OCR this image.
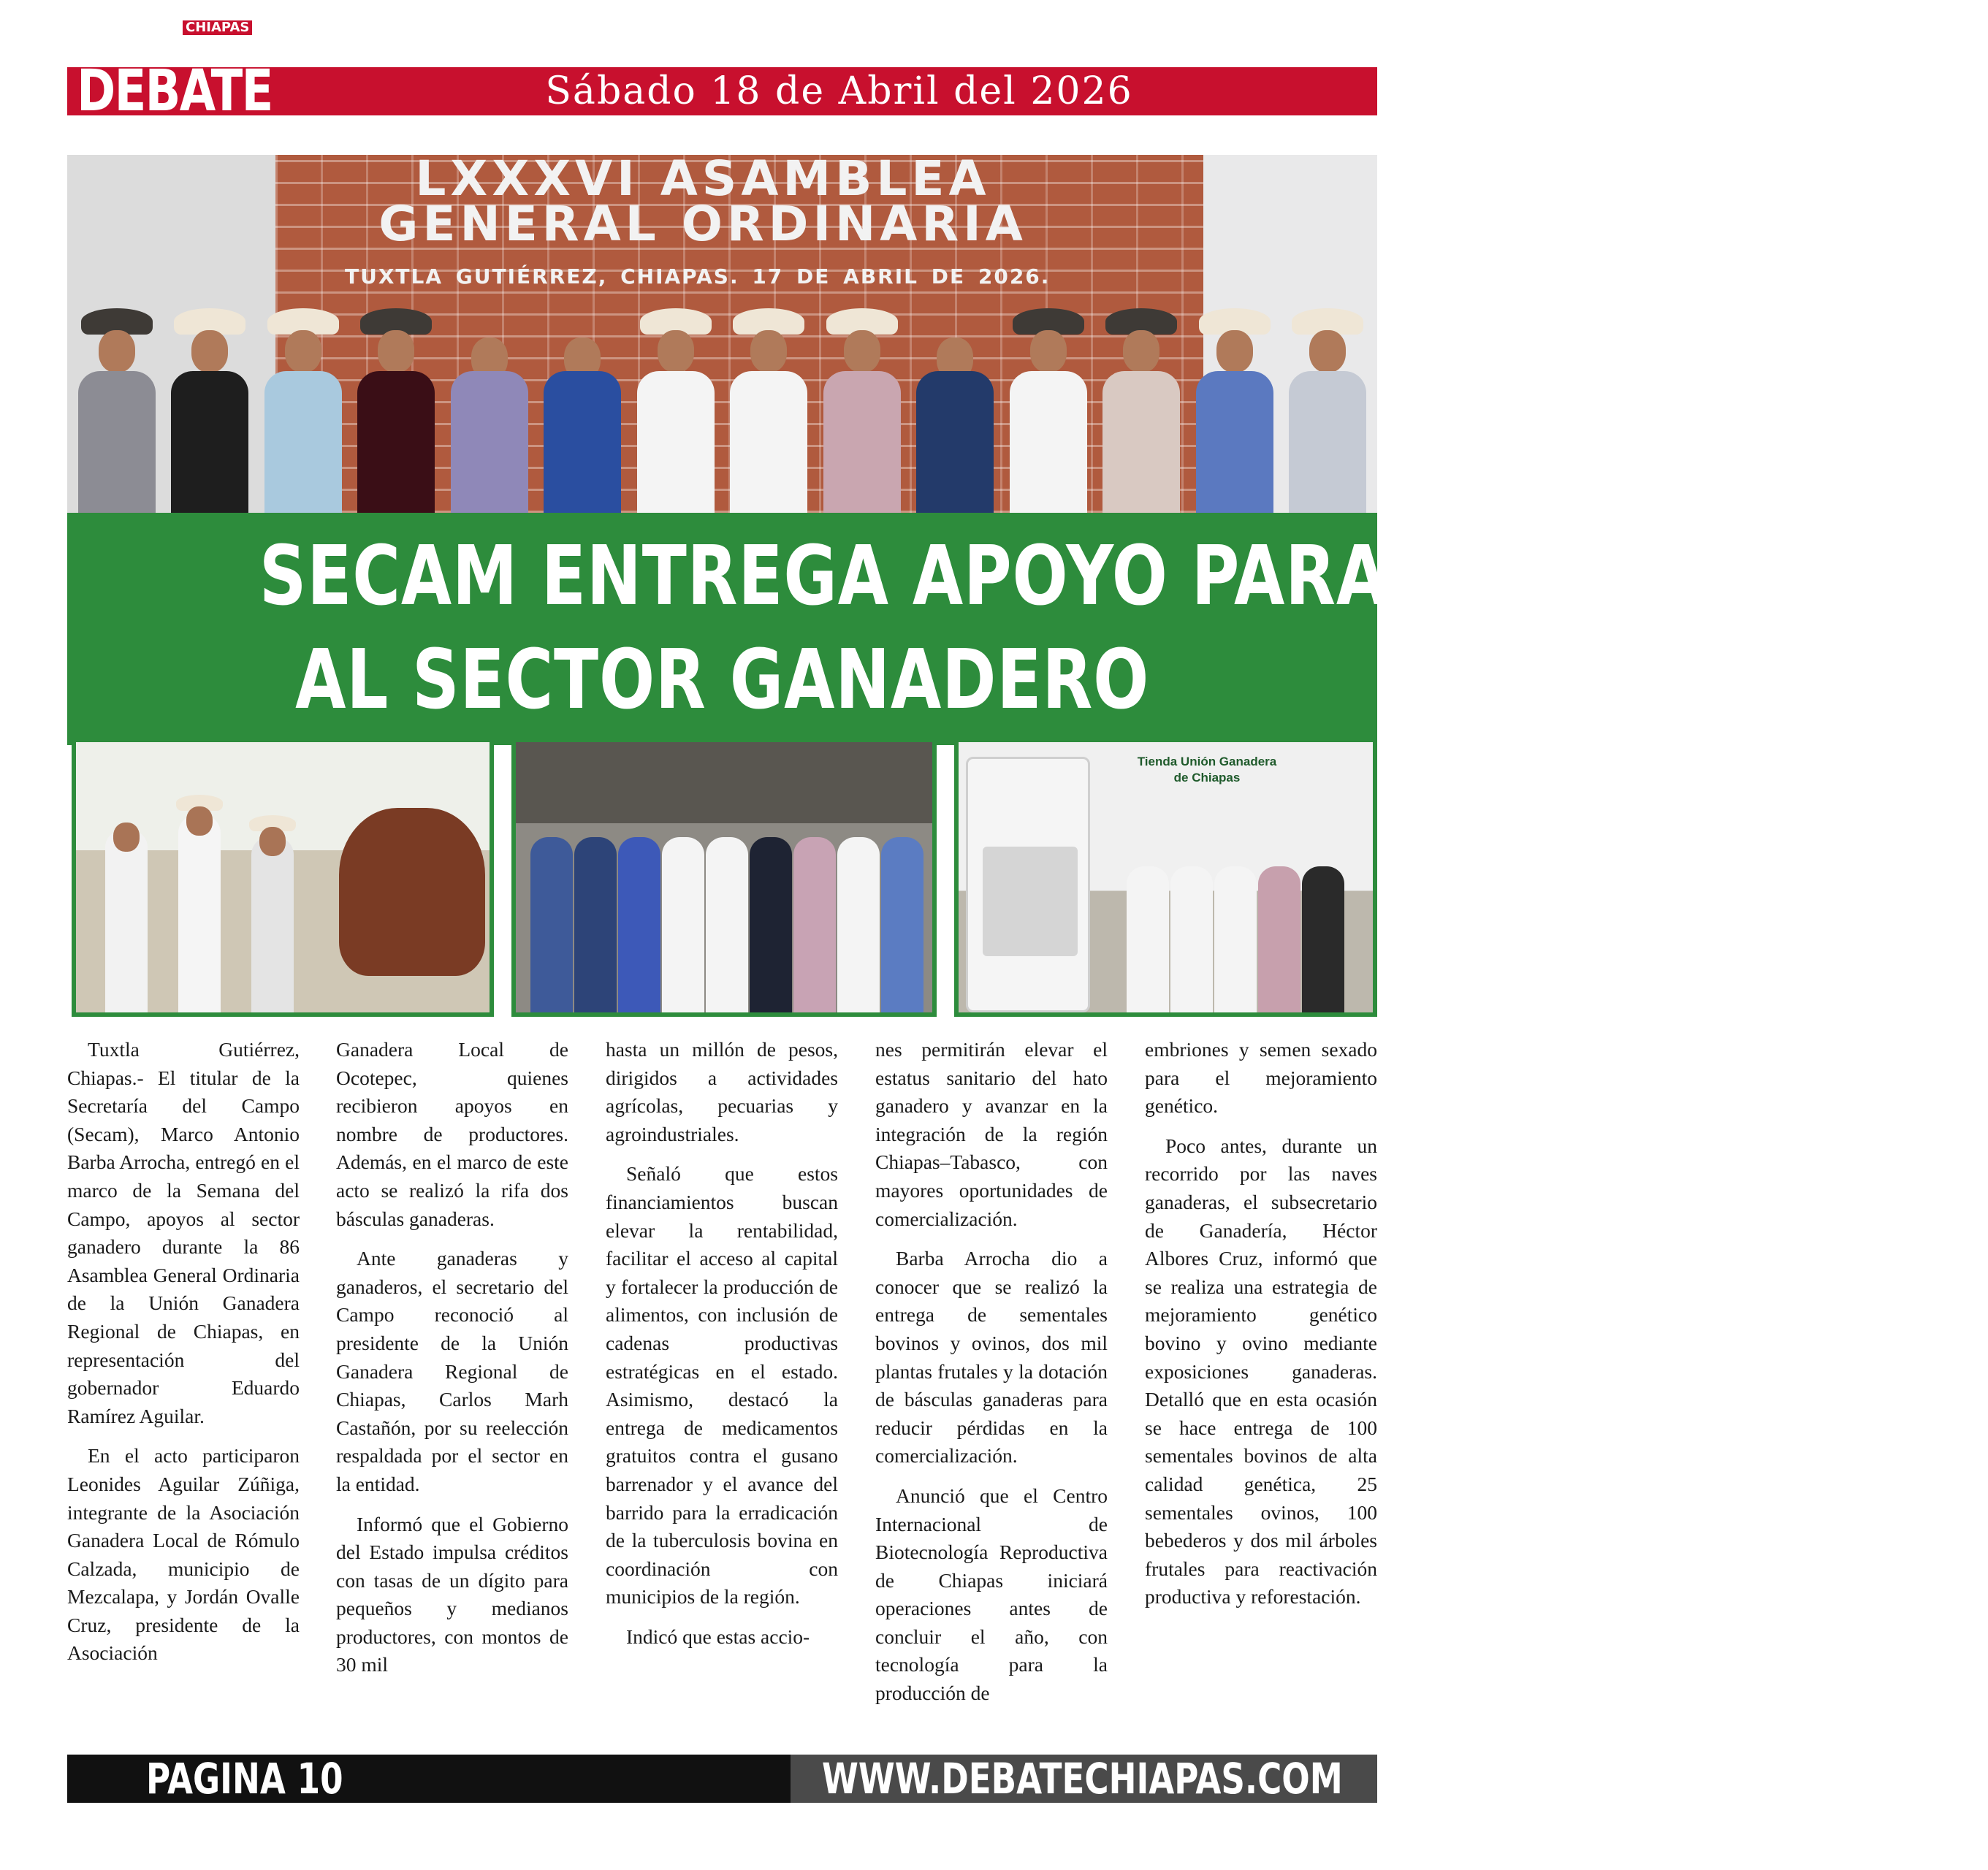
DEBATE
CHIAPAS
Sábado 18 de Abril del 2026
LXXXVI ASAMBLEA
GENERAL ORDINARIA
TUXTLA GUTIÉRREZ, CHIAPAS. 17 DE ABRIL DE 2026.
SECAM ENTREGA APOYO PARA IMPULSAR
AL SECTOR GANADERO
Tienda Unión Ganadera de Chiapas

Tuxtla Gutiérrez, Chiapas.- El titular de la Secretaría del Campo (Secam), Marco Antonio Barba Arrocha, entregó en el marco de la Semana del Campo, apoyos al sector ganadero durante la 86 Asamblea General Ordinaria de la Unión Ganadera Regional de Chiapas, en representación del gobernador Eduardo Ramírez Aguilar.

En el acto participaron Leonides Aguilar Zúñiga, integrante de la Asociación Ganadera Local de Rómulo Calzada, municipio de Mezcalapa, y Jordán Ovalle Cruz, presidente de la Asociación

Ganadera Local de Ocotepec, quienes recibieron apoyos en nombre de productores. Además, en el marco de este acto se realizó la rifa dos básculas ganaderas.

Ante ganaderas y ganaderos, el secretario del Campo reconoció al presidente de la Unión Ganadera Regional de Chiapas, Carlos Marh Castañón, por su reelección respaldada por el sector en la entidad.

Informó que el Gobierno del Estado impulsa créditos con tasas de un dígito para pequeños y medianos productores, con montos de 30 mil

hasta un millón de pesos, dirigidos a actividades agrícolas, pecuarias y agroindustriales.

Señaló que estos financiamientos buscan elevar la rentabilidad, facilitar el acceso al capital y fortalecer la producción de alimentos, con inclusión de cadenas productivas estratégicas en el estado. Asimismo, destacó la entrega de medicamentos gratuitos contra el gusano barrenador y el avance del barrido para la erradicación de la tuberculosis bovina en coordinación con municipios de la región.

Indicó que estas accio-

nes permitirán elevar el estatus sanitario del hato ganadero y avanzar en la integración de la región Chiapas–Tabasco, con mayores oportunidades de comercialización.

Barba Arrocha dio a conocer que se realizó la entrega de sementales bovinos y ovinos, dos mil plantas frutales y la dotación de básculas ganaderas para reducir pérdidas en la comercialización.

Anunció que el Centro Internacional de Biotecnología Reproductiva de Chiapas iniciará operaciones antes de concluir el año, con tecnología para la producción de

embriones y semen sexado para el mejoramiento genético.

Poco antes, durante un recorrido por las naves ganaderas, el subsecretario de Ganadería, Héctor Albores Cruz, informó que se realiza una estrategia de mejoramiento genético bovino y ovino mediante exposiciones ganaderas. Detalló que en esta ocasión se hace entrega de 100 sementales bovinos de alta calidad genética, 25 sementales ovinos, 100 bebederos y dos mil árboles frutales para reactivación productiva y reforestación.

PAGINA 10	WWW.DEBATECHIAPAS.COM
